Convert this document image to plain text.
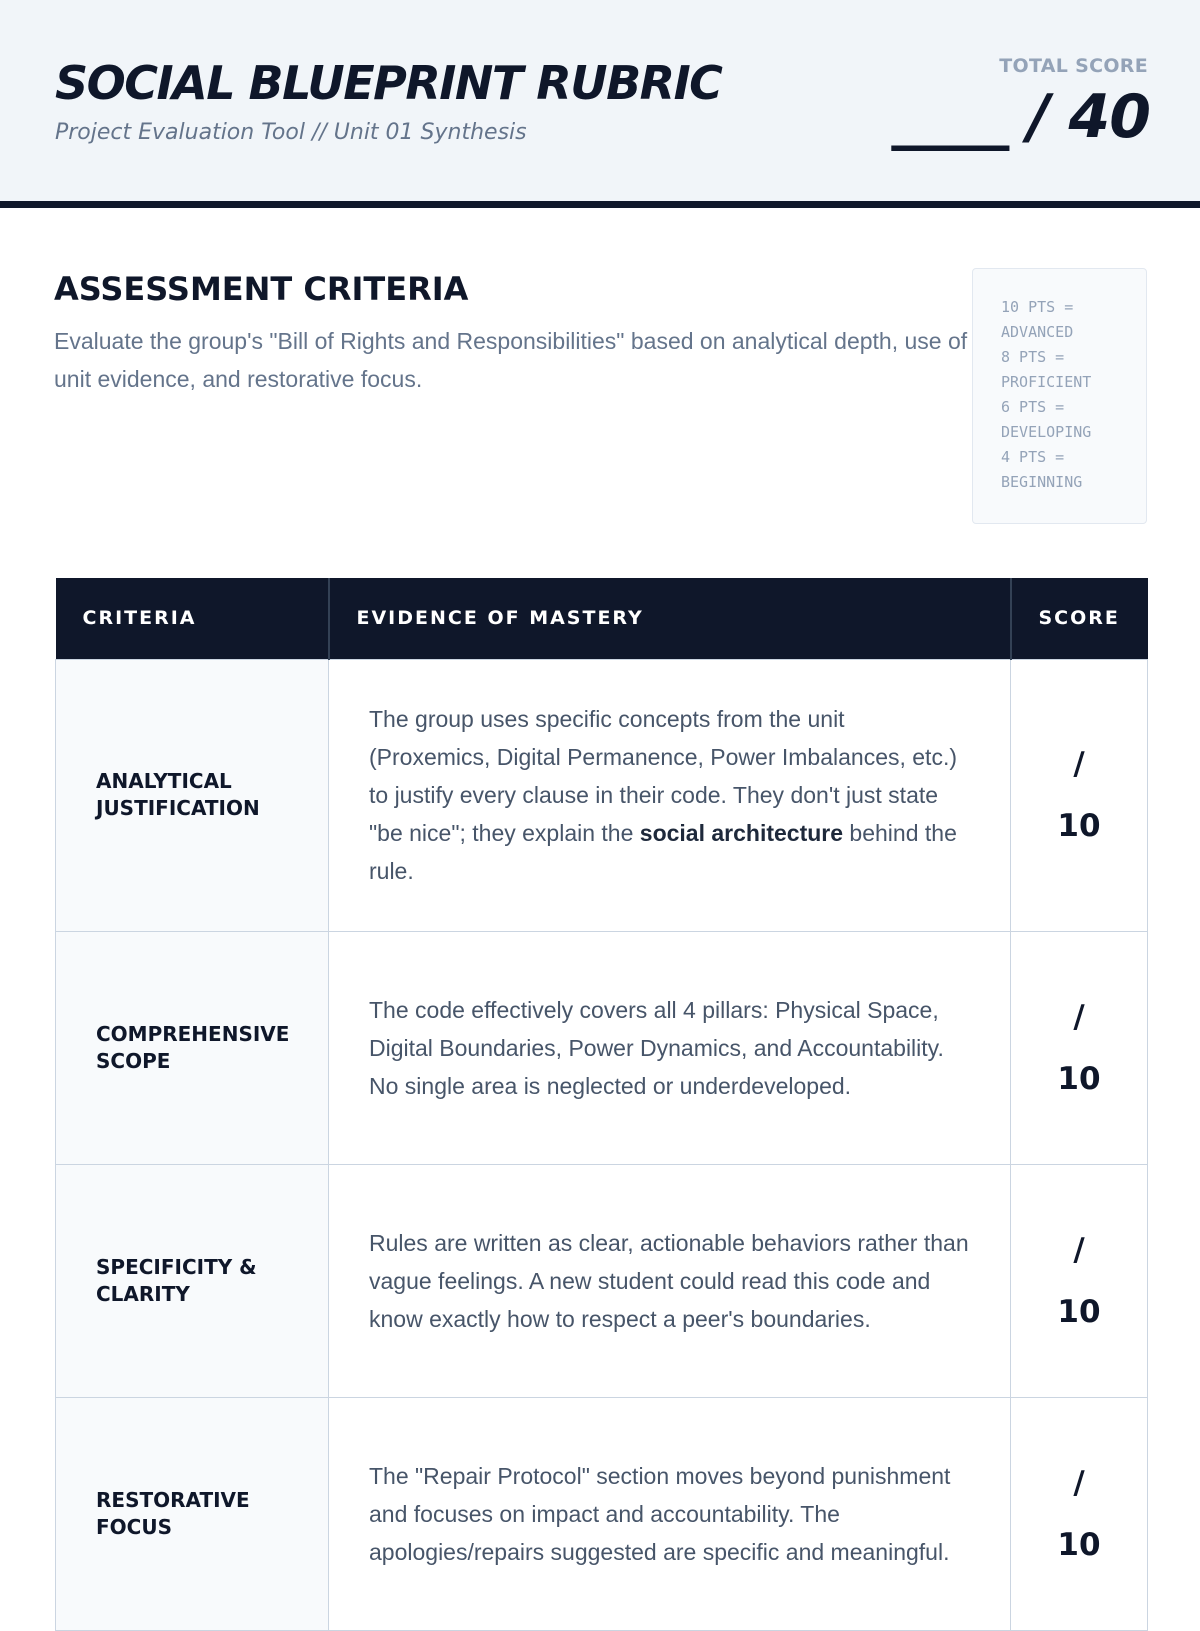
SOCIAL BLUEPRINT RUBRIC
Project Evaluation Tool // Unit 01 Synthesis
TOTAL SCORE
____ / 40
ASSESSMENT CRITERIA
Evaluate the group's "Bill of Rights and Responsibilities" based on analytical depth, use of unit evidence, and restorative focus.
10 PTS =
ADVANCED
8 PTS =
PROFICIENT
6 PTS =
DEVELOPING
4 PTS =
BEGINNING
CRITERIA	EVIDENCE OF MASTERY	SCORE
ANALYTICAL
JUSTIFICATION	The group uses specific concepts from the unit (Proxemics, Digital Permanence, Power Imbalances, etc.) to justify every clause in their code. They don't just state "be nice"; they explain the social architecture behind the rule.	/
10

COMPREHENSIVE
SCOPE	The code effectively covers all 4 pillars: Physical Space, Digital Boundaries, Power Dynamics, and Accountability. No single area is neglected or underdeveloped.	/
10

SPECIFICITY &
CLARITY	Rules are written as clear, actionable behaviors rather than vague feelings. A new student could read this code and know exactly how to respect a peer's boundaries.	/
10

RESTORATIVE
FOCUS	The "Repair Protocol" section moves beyond punishment and focuses on impact and accountability. The apologies/repairs suggested are specific and meaningful.	/
10
